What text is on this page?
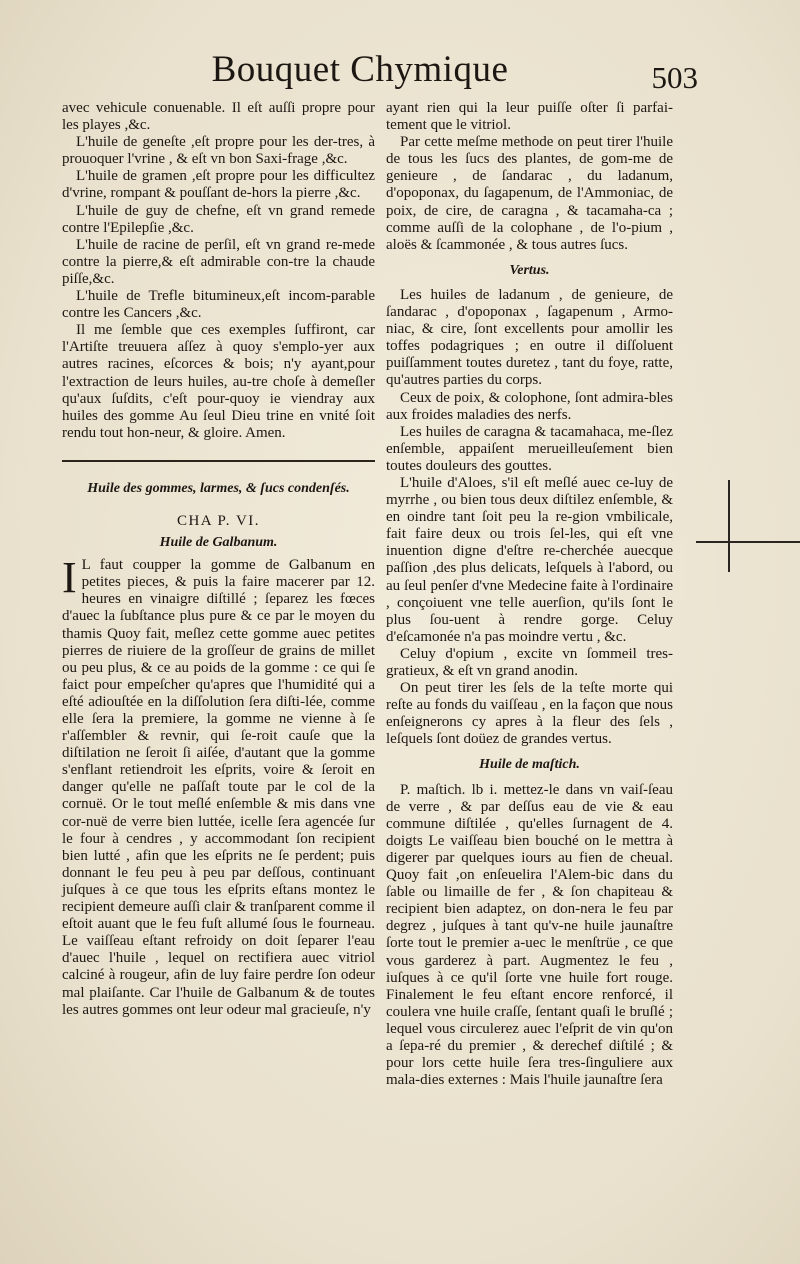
Bouquet Chymique	503

avec vehicule conuenable. Il eſt auſſi propre pour les playes ,&c.

L'huile de geneſte ,eſt propre pour les der-tres, à prouoquer l'vrine , & eſt vn bon Saxi-frage ,&c.

L'huile de gramen ,eſt propre pour les difficultez d'vrine, rompant & pouſſant de-hors la pierre ,&c.

L'huile de guy de chefne, eſt vn grand remede contre l'Epilepſie ,&c.

L'huile de racine de perſil, eſt vn grand re-mede contre la pierre,& eſt admirable con-tre la chaude piſſe,&c.

L'huile de Trefle bitumineux,eſt incom-parable contre les Cancers ,&c.

Il me ſemble que ces exemples ſuffiront, car l'Artiſte treuuera aſſez à quoy s'emplo-yer aux autres racines, eſcorces & bois; n'y ayant,pour l'extraction de leurs huiles, au-tre choſe à demeſler qu'aux ſuſdits, c'eſt pour-quoy ie viendray aux huiles des gomme Au ſeul Dieu trine en vnité ſoit rendu tout hon-neur, & gloire. Amen.

Huile des gommes, larmes, & ſucs condenſés.

CHA P. VI.

Huile de Galbanum.

I L faut coupper la gomme de Galbanum en petites pieces, & puis la faire macerer par 12. heures en vinaigre diſtillé ; ſeparez les fœces d'auec la ſubſtance plus pure & ce par le moyen du thamis Quoy fait, meſlez cette gomme auec petites pierres de riuiere de la groſſeur de grains de millet ou peu plus, & ce au poids de la gomme : ce qui ſe faict pour empeſcher qu'apres que l'humidité qui a eſté adiouſtée en la diſſolution ſera diſti-lée, comme elle ſera la premiere, la gomme ne vienne à ſe r'aſſembler & revnir, qui ſe-roit cauſe que la diſtilation ne ſeroit ſi aiſée, d'autant que la gomme s'enflant retiendroit les eſprits, voire & ſeroit en danger qu'elle ne paſſaſt toute par le col de la cornuë. Or le tout meſlé enſemble & mis dans vne cor-nuë de verre bien luttée, icelle ſera agencée ſur le four à cendres , y accommodant ſon recipient bien lutté , afin que les eſprits ne ſe perdent; puis donnant le feu peu à peu par deſſous, continuant juſques à ce que tous les eſprits eſtans montez le recipient demeure auſſi clair & tranſparent comme il eſtoit auant que le feu fuſt allumé ſous le fourneau. Le vaiſſeau eſtant refroidy on doit ſeparer l'eau d'auec l'huile , lequel on rectifiera auec vitriol calciné à rougeur, afin de luy faire perdre ſon odeur mal plaiſante. Car l'huile de Galbanum & de toutes les autres gommes ont leur odeur mal gracieuſe, n'y

ayant rien qui la leur puiſſe oſter ſi parfai-tement que le vitriol.

Par cette meſme methode on peut tirer l'huile de tous les ſucs des plantes, de gom-me de genieure , de ſandarac , du ladanum, d'opoponax, du ſagapenum, de l'Ammoniac, de poix, de cire, de caragna , & tacamaha-ca ; comme auſſi de la colophane , de l'o-pium , aloës & ſcammonée , & tous autres ſucs.

Vertus.

Les huiles de ladanum , de genieure, de ſandarac , d'opoponax , ſagapenum , Armo-niac, & cire, ſont excellents pour amollir les toffes podagriques ; en outre il diſſoluent puiſſamment toutes duretez , tant du foye, ratte, qu'autres parties du corps.

Ceux de poix, & colophone, ſont admira-bles aux froides maladies des nerfs.

Les huiles de caragna & tacamahaca, me-ſlez enſemble, appaiſent merueilleuſement bien toutes douleurs des gouttes.

L'huile d'Aloes, s'il eſt meſlé auec ce-luy de myrrhe , ou bien tous deux diſtilez enſemble, & en oindre tant ſoit peu la re-gion vmbilicale, fait faire deux ou trois ſel-les, qui eſt vne inuention digne d'eſtre re-cherchée auecque paſſion ,des plus delicats, leſquels à l'abord, ou au ſeul penſer d'vne Medecine faite à l'ordinaire , conçoiuent vne telle auerſion, qu'ils ſont le plus ſou-uent à rendre gorge. Celuy d'eſcamonée n'a pas moindre vertu , &c.

Celuy d'opium , excite vn ſommeil tres-gratieux, & eſt vn grand anodin.

On peut tirer les ſels de la teſte morte qui reſte au fonds du vaiſſeau , en la façon que nous enſeignerons cy apres à la fleur des ſels , leſquels ſont doüez de grandes vertus.

Huile de maſtich.

P. maſtich. lb i. mettez-le dans vn vaiſ-ſeau de verre , & par deſſus eau de vie & eau commune diſtilée , qu'elles ſurnagent de 4. doigts Le vaiſſeau bien bouché on le mettra à digerer par quelques iours au fien de cheual. Quoy fait ,on enſeuelira l'Alem-bic dans du ſable ou limaille de fer , & ſon chapiteau & recipient bien adaptez, on don-nera le feu par degrez , juſques à tant qu'v-ne huile jaunaſtre ſorte tout le premier a-uec le menſtrüe , ce que vous garderez à part. Augmentez le feu , iuſques à ce qu'il ſorte vne huile fort rouge. Finalement le feu eſtant encore renforcé, il coulera vne huile craſſe, ſentant quaſi le bruſlé ; lequel vous circulerez auec l'eſprit de vin qu'on a ſepa-ré du premier , & derechef diſtilé ; & pour lors cette huile ſera tres-ſinguliere aux mala-dies externes : Mais l'huile jaunaſtre ſera
